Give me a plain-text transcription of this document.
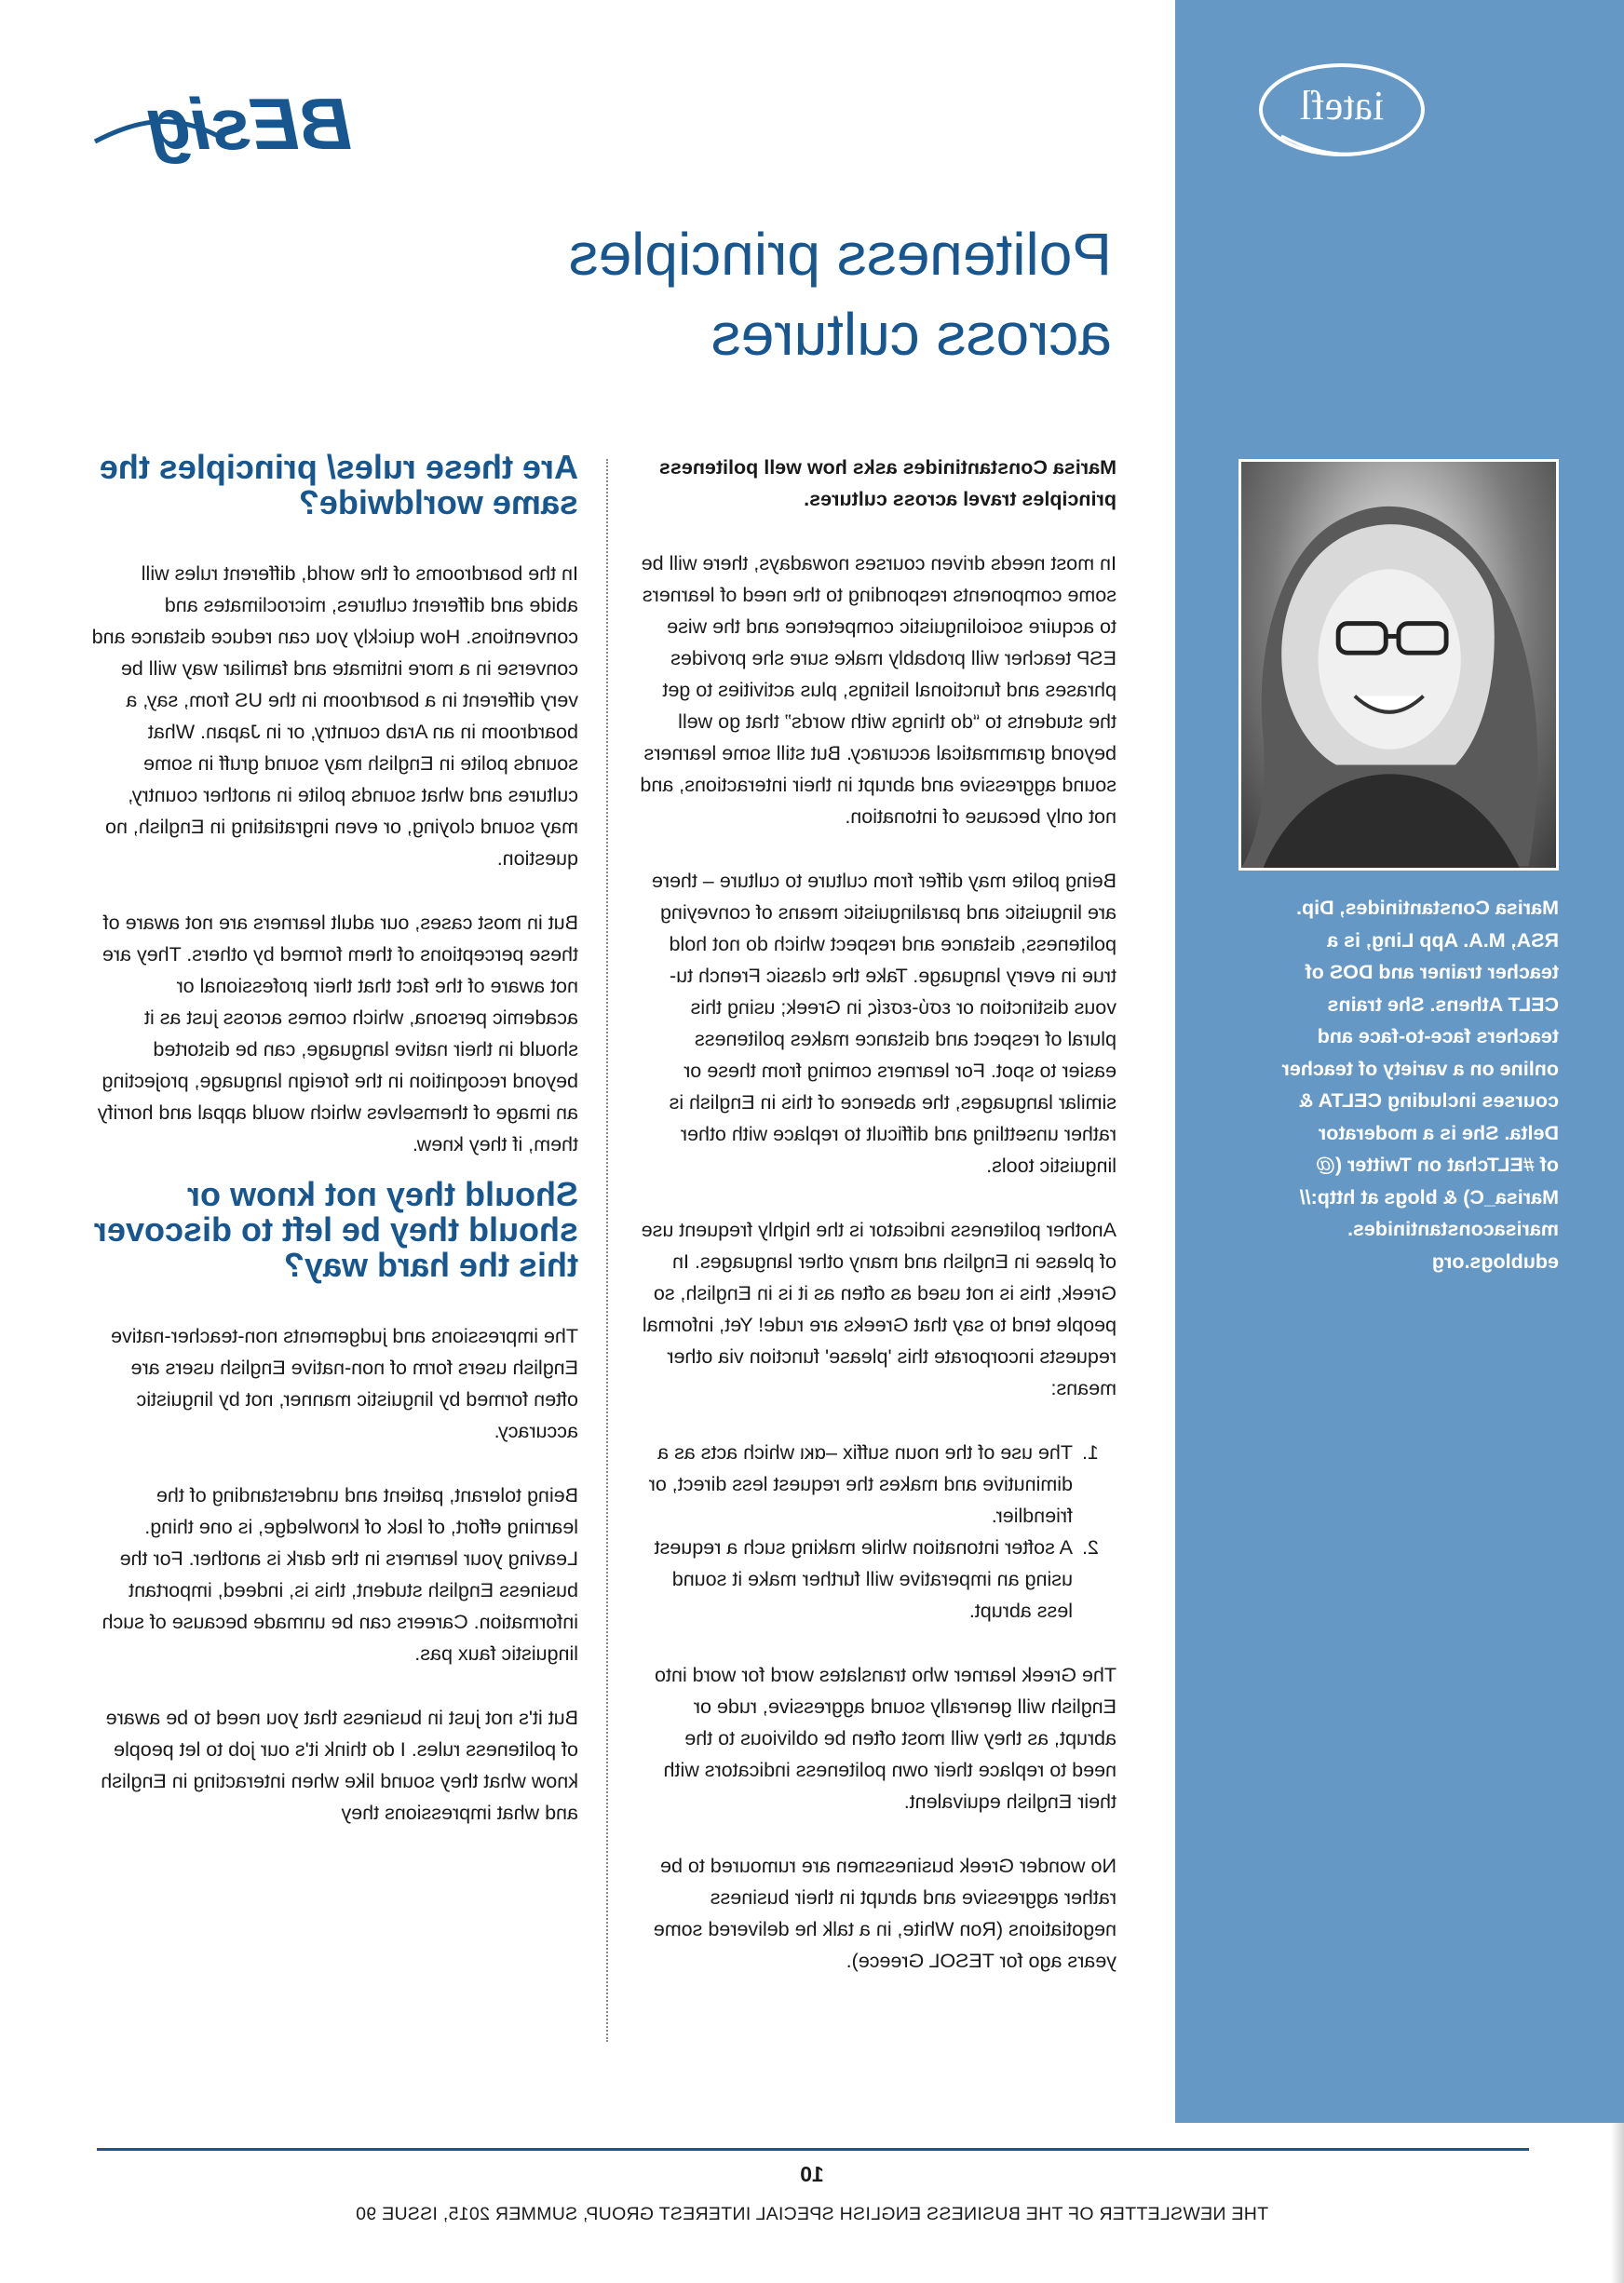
iatefl
Marisa Constantinides, Dip.
RSA, M.A. App Ling, is a
teacher trainer and DOS of
CELT Athens. She trains
teachers face-to-face and
online on a variety of teacher
courses including CELTA &
Delta. She is a moderator
of #ELTchat on Twitter (@
Marisa_C) & blogs at http://
marisaconstantinides.
edublogs.org
BEsig
Politeness principles
across cultures

Marisa Constantinides asks how well politeness principles travel across cultures.

In most needs driven courses nowadays, there will be some components responding to the need of learners to acquire sociolinguistic competence and the wise ESP teacher will probably make sure she provides phrases and functional listings, plus activities to get the students to “do things with words” that go well beyond grammatical accuracy. But still some learners sound aggressive and abrupt in their interactions, and not only because of intonation.

Being polite may differ from culture to culture – there are linguistic and paralinguistic means of conveying politeness, distance and respect which do not hold true in every language. Take the classic French tu-vous distinction or εσύ-εσείς in Greek; using this plural of respect and distance makes politeness easier to spot. For learners coming from these or similar languages, the absence of this in English is rather unsettling and difficult to replace with other linguistic tools.

Another politeness indicator is the highly frequent use of please in English and many other languages. In Greek, this is not used as often as it is in English, so people tend to say that Greeks are rude! Yet, informal requests incorporate this 'please' function via other means:

1. The use of the noun suffix –ακι which acts as a diminutive and makes the request less direct, or friendlier.
2. A softer intonation while making such a request using an imperative will further make it sound less abrupt.

The Greek learner who translates word for word into English will generally sound aggressive, rude or abrupt, as they will most often be oblivious to the need to replace their own politeness indicators with their English equivalent.

No wonder Greek businessmen are rumoured to be rather aggressive and abrupt in their business negotiations (Ron White, in a talk he delivered some years ago for TESOL Greece).

Are these rules/ principles the same worldwide?

In the boardrooms of the world, different rules will abide and different cultures, microclimates and conventions. How quickly you can reduce distance and converse in a more intimate and familiar way will be very different in a boardroom in the US from, say, a boardroom in an Arab country, or in Japan. What sounds polite in English may sound gruff in some cultures and what sounds polite in another country, may sound cloying, or even ingratiating in English, no question.

But in most cases, our adult learners are not aware of these perceptions of them formed by others. They are not aware of the fact that their professional or academic persona, which comes across just as it should in their native language, can be distorted beyond recognition in the foreign language, projecting an image of themselves which would appal and horrify them, if they knew.

Should they not know or should they be left to discover this the hard way?

The impressions and judgements non-teacher-native English users form of non-native English users are often formed by linguistic manner, not by linguistic accuracy.

Being tolerant, patient and understanding of the learning effort, of lack of knowledge, is one thing. Leaving your learners in the dark is another. For the business English student, this is, indeed, important information. Careers can be unmade because of such linguistic faux pas.

But it's not just in business that you need to be aware of politeness rules. I do think it's our job to let people know what they sound like when interacting in English and what impressions they

10
THE NEWSLETTER OF THE BUSINESS ENGLISH SPECIAL INTEREST GROUP, SUMMER 2015, ISSUE 90
